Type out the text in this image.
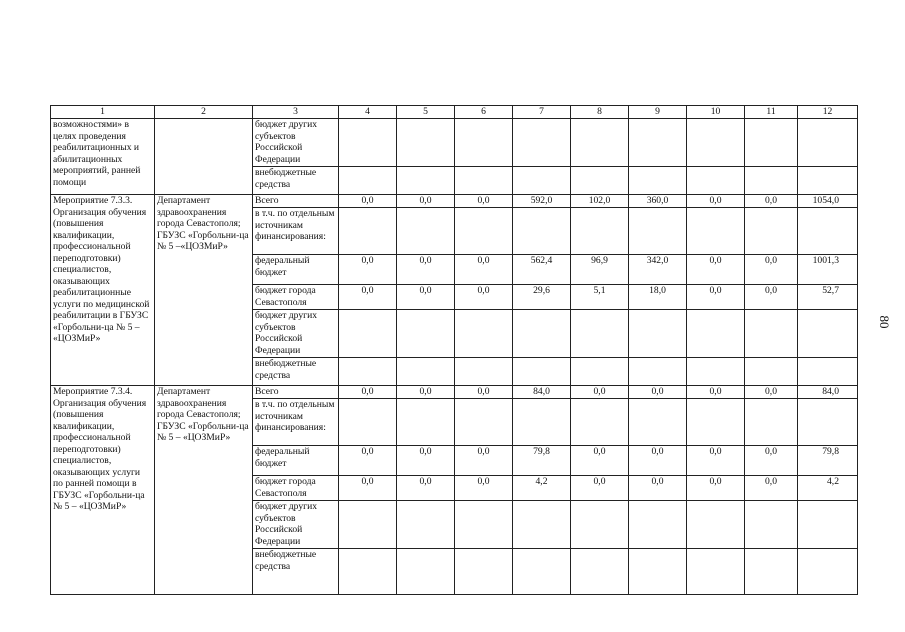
80
1	2	3	4	5	6	7	8	9	10	11	12
возможностями» в целях проведения реабилитационных и абилитационных мероприятий, ранней помощи		бюджет других субъектов Российской Федерации									
		внебюджетные средства									
Мероприятие 7.3.3. Организация обучения (повышения квалификации, профессиональной переподготовки) специалистов, оказывающих реабилитационные услуги по медицинской реабилитации в ГБУЗС «Горбольни-ца № 5 – «ЦОЗМиР»	Департамент здравоохранения города Севастополя; ГБУЗС «Горбольни-ца № 5 –«ЦОЗМиР»	Всего	0,0	0,0	0,0	592,0	102,0	360,0	0,0	0,0	1054,0
		в т.ч. по отдельным источникам финансирования:									
		федеральный бюджет	0,0	0,0	0,0	562,4	96,9	342,0	0,0	0,0	1001,3
		бюджет города Севастополя	0,0	0,0	0,0	29,6	5,1	18,0	0,0	0,0	52,7
		бюджет других субъектов Российской Федерации									
		внебюджетные средства									
Мероприятие 7.3.4. Организация обучения (повышения квалификации, профессиональной переподготовки) специалистов, оказывающих услуги по ранней помощи в ГБУЗС «Горбольни-ца № 5 – «ЦОЗМиР»	Департамент здравоохранения города Севастополя; ГБУЗС «Горбольни-ца № 5 – «ЦОЗМиР»	Всего	0,0	0,0	0,0	84,0	0,0	0,0	0,0	0,0	84,0
		в т.ч. по отдельным источникам финансирования:									
		федеральный бюджет	0,0	0,0	0,0	79,8	0,0	0,0	0,0	0,0	79,8
		бюджет города Севастополя	0,0	0,0	0,0	4,2	0,0	0,0	0,0	0,0	4,2
		бюджет других субъектов Российской Федерации									
		внебюджетные средства									
